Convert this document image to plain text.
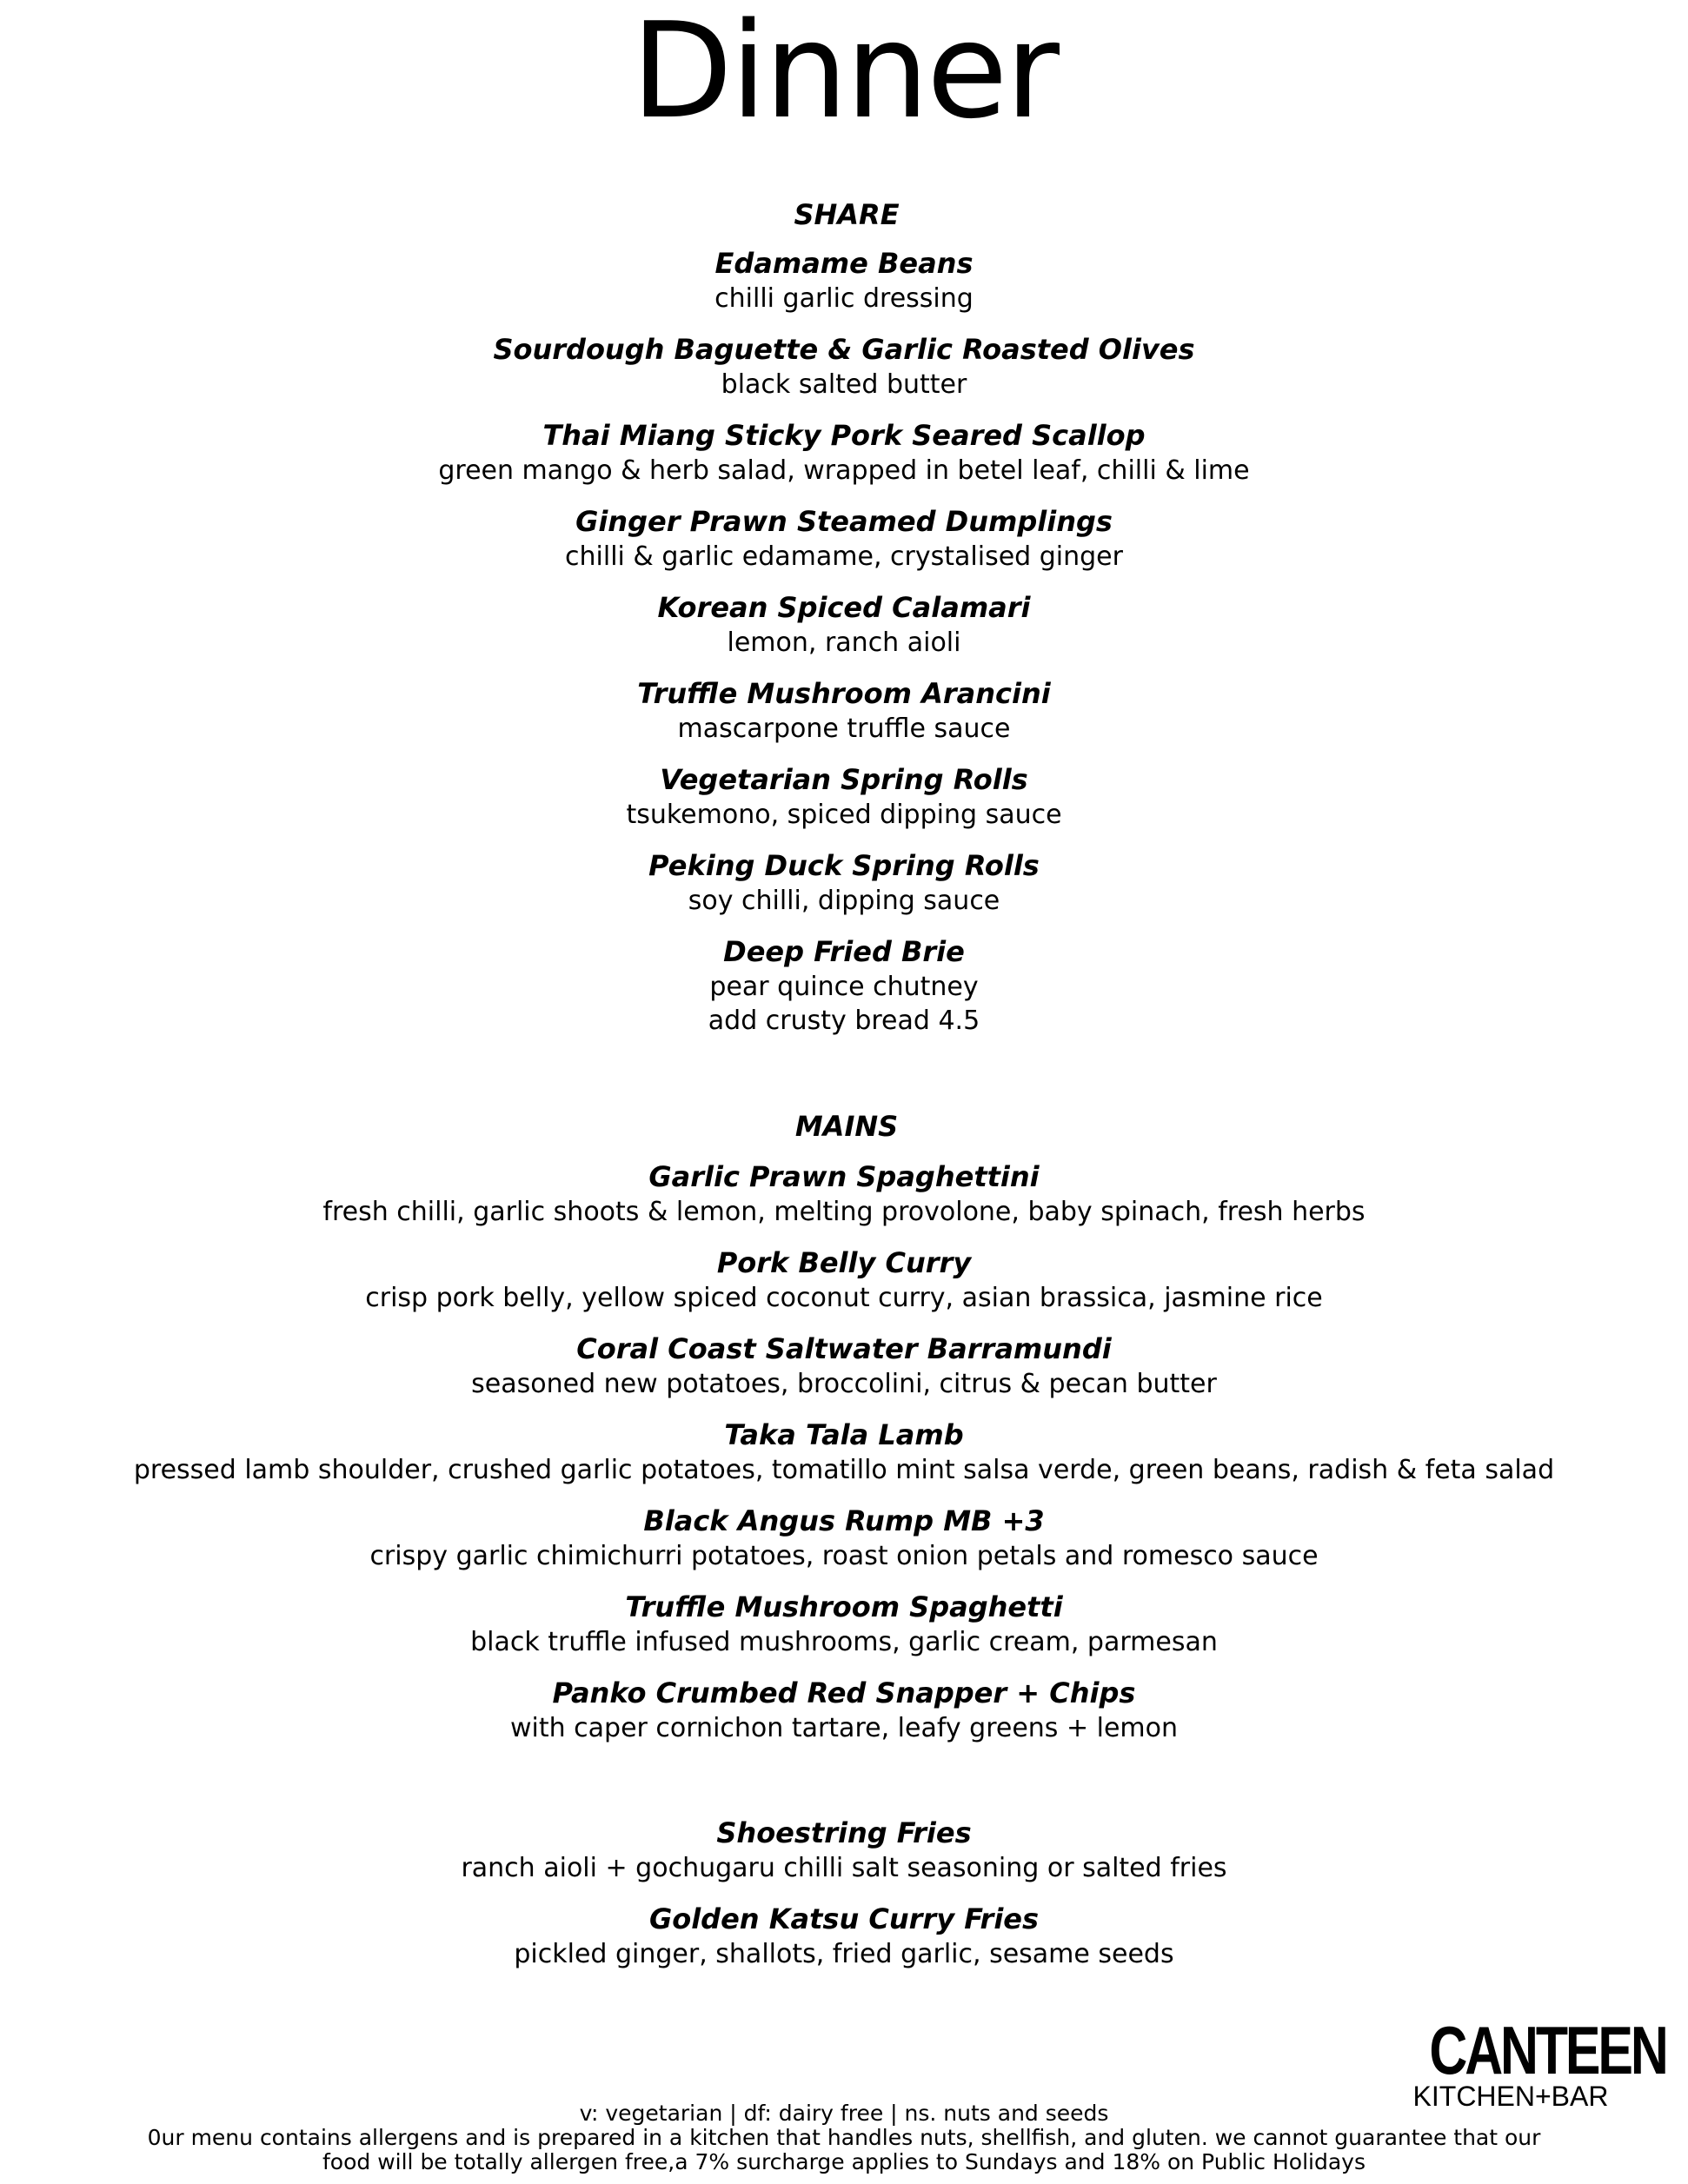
Dinner

SHARE

Edamame Beans
chilli garlic dressing
Sourdough Baguette & Garlic Roasted Olives
black salted butter
Thai Miang Sticky Pork Seared Scallop
green mango & herb salad, wrapped in betel leaf, chilli & lime
Ginger Prawn Steamed Dumplings
chilli & garlic edamame, crystalised ginger
Korean Spiced Calamari
lemon, ranch aioli
Truffle Mushroom Arancini
mascarpone truffle sauce
Vegetarian Spring Rolls
tsukemono, spiced dipping sauce
Peking Duck Spring Rolls
soy chilli, dipping sauce
Deep Fried Brie
pear quince chutney
add crusty bread 4.5

MAINS

Garlic Prawn Spaghettini
fresh chilli, garlic shoots & lemon, melting provolone, baby spinach, fresh herbs
Pork Belly Curry
crisp pork belly, yellow spiced coconut curry, asian brassica, jasmine rice
Coral Coast Saltwater Barramundi
seasoned new potatoes, broccolini, citrus & pecan butter
Taka Tala Lamb
pressed lamb shoulder, crushed garlic potatoes, tomatillo mint salsa verde, green beans, radish & feta salad
Black Angus Rump MB +3
crispy garlic chimichurri potatoes, roast onion petals and romesco sauce
Truffle Mushroom Spaghetti
black truffle infused mushrooms, garlic cream, parmesan
Panko Crumbed Red Snapper + Chips
with caper cornichon tartare, leafy greens + lemon
Shoestring Fries
ranch aioli + gochugaru chilli salt seasoning or salted fries
Golden Katsu Curry Fries
pickled ginger, shallots, fried garlic, sesame seeds
CANTEEN
KITCHEN+BAR

v: vegetarian | df: dairy free | ns. nuts and seeds

0ur menu contains allergens and is prepared in a kitchen that handles nuts, shellfish, and gluten. we cannot guarantee that our

food will be totally allergen free,a 7% surcharge applies to Sundays and 18% on Public Holidays
